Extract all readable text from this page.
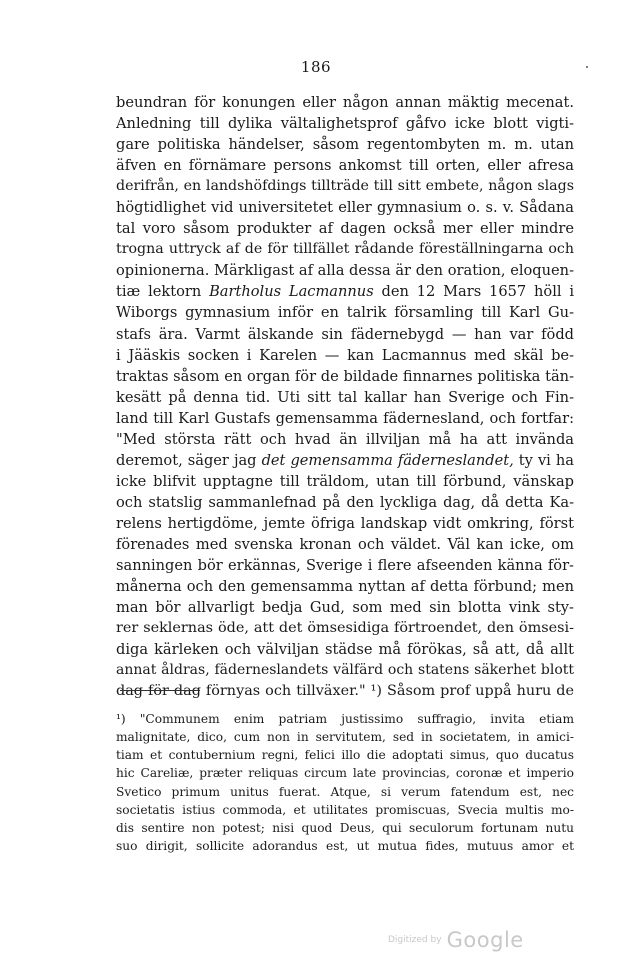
186
beundran för konungen eller någon annan mäktig mecenat.
Anledning till dylika vältalighetsprof gåfvo icke blott vigti-
gare politiska händelser, såsom regentombyten m. m. utan
äfven en förnämare persons ankomst till orten, eller afresa
derifrån, en landshöfdings tillträde till sitt embete, någon slags
högtidlighet vid universitetet eller gymnasium o. s. v. Sådana
tal voro såsom produkter af dagen också mer eller mindre
trogna uttryck af de för tillfället rådande föreställningarna och
opinionerna. Märkligast af alla dessa är den oration, eloquen-
tiæ lektorn Bartholus Lacmannus den 12 Mars 1657 höll i
Wiborgs gymnasium inför en talrik församling till Karl Gu-
stafs ära. Varmt älskande sin fädernebygd — han var född
i Jääskis socken i Karelen — kan Lacmannus med skäl be-
traktas såsom en organ för de bildade finnarnes politiska tän-
kesätt på denna tid. Uti sitt tal kallar han Sverige och Fin-
land till Karl Gustafs gemensamma fädernesland, och fortfar:
"Med största rätt och hvad än illviljan må ha att invända
deremot, säger jag det gemensamma fäderneslandet, ty vi ha
icke blifvit upptagne till träldom, utan till förbund, vänskap
och statslig sammanlefnad på den lyckliga dag, då detta Ka-
relens hertigdöme, jemte öfriga landskap vidt omkring, först
förenades med svenska kronan och väldet. Väl kan icke, om
sanningen bör erkännas, Sverige i flere afseenden känna för-
månerna och den gemensamma nyttan af detta förbund; men
man bör allvarligt bedja Gud, som med sin blotta vink sty-
rer seklernas öde, att det ömsesidiga förtroendet, den ömsesi-
diga kärleken och välviljan städse må förökas, så att, då allt
annat åldras, fäderneslandets välfärd och statens säkerhet blott
dag för dag förnyas och tillväxer." ¹) Såsom prof uppå huru de
¹) "Communem enim patriam justissimo suffragio, invita etiam
malignitate, dico, cum non in servitutem, sed in societatem, in amici-
tiam et contubernium regni, felici illo die adoptati simus, quo ducatus
hic Careliæ, præter reliquas circum late provincias, coronæ et imperio
Svetico primum unitus fuerat. Atque, si verum fatendum est, nec
societatis istius commoda, et utilitates promiscuas, Svecia multis mo-
dis sentire non potest; nisi quod Deus, qui seculorum fortunam nutu
suo dirigit, sollicite adorandus est, ut mutua fides, mutuus amor et
Digitized by Google
